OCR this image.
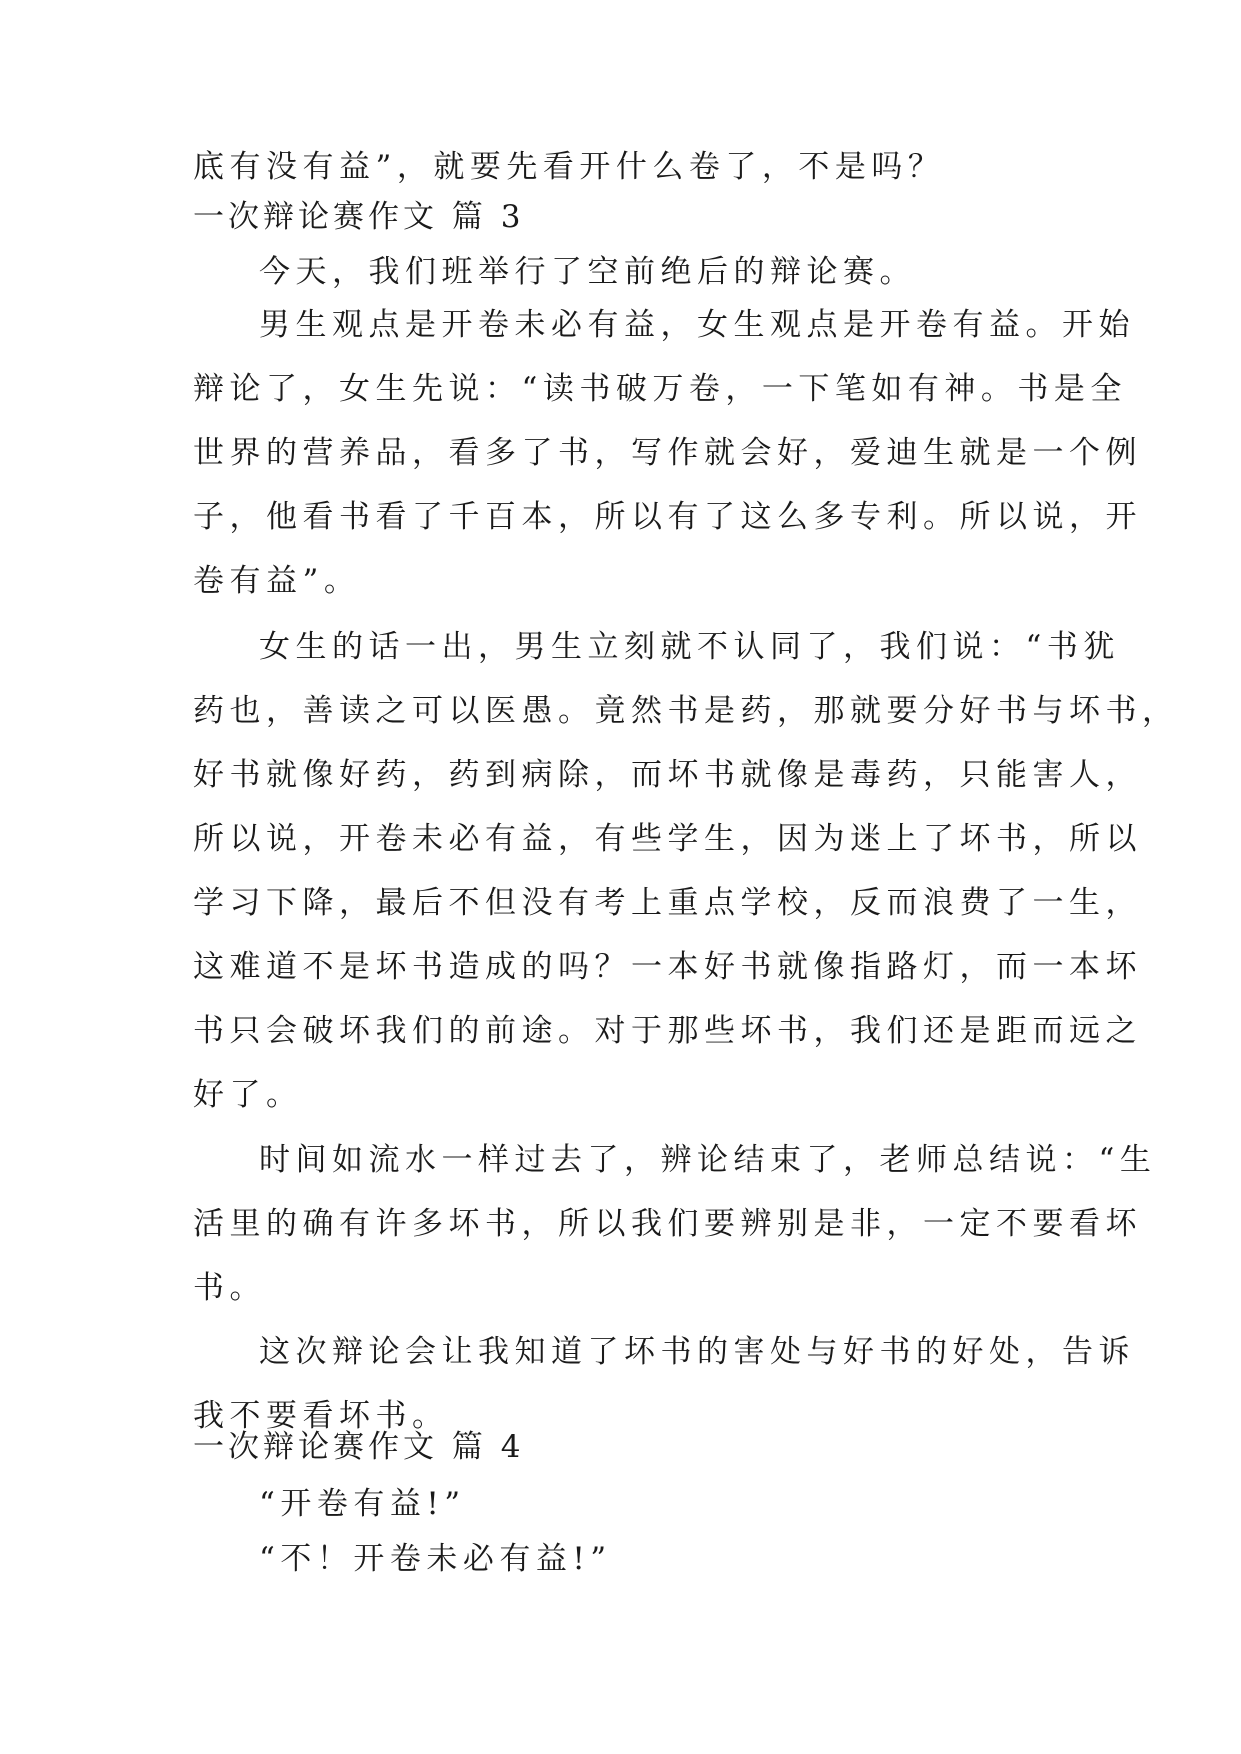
底有没有益”，就要先看开什么卷了，不是吗？
一次辩论赛作文 篇 3
今天，我们班举行了空前绝后的辩论赛。
男生观点是开卷未必有益，女生观点是开卷有益。开始
辩论了，女生先说：“读书破万卷，一下笔如有神。书是全
世界的营养品，看多了书，写作就会好，爱迪生就是一个例
子，他看书看了千百本，所以有了这么多专利。所以说，开
卷有益”。
女生的话一出，男生立刻就不认同了，我们说：“书犹
药也，善读之可以医愚。竟然书是药，那就要分好书与坏书，
好书就像好药，药到病除，而坏书就像是毒药，只能害人，
所以说，开卷未必有益，有些学生，因为迷上了坏书，所以
学习下降，最后不但没有考上重点学校，反而浪费了一生，
这难道不是坏书造成的吗？一本好书就像指路灯，而一本坏
书只会破坏我们的前途。对于那些坏书，我们还是距而远之
好了。
时间如流水一样过去了，辨论结束了，老师总结说：“生
活里的确有许多坏书，所以我们要辨别是非，一定不要看坏
书。
这次辩论会让我知道了坏书的害处与好书的好处，告诉
我不要看坏书。
一次辩论赛作文 篇 4
“开卷有益!”
“不！开卷未必有益!”
